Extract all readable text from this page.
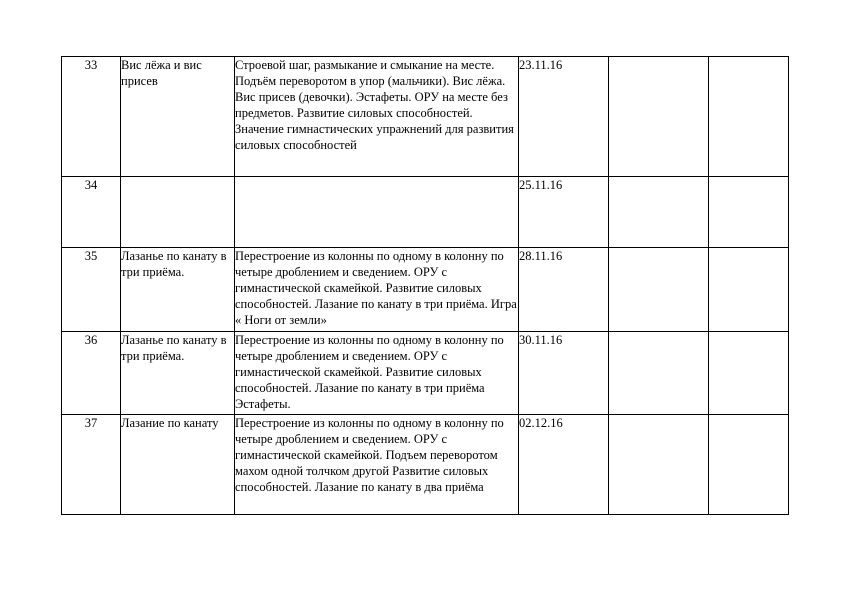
33	Вис лёжа и вис присев	Строевой шаг, размыкание и смыкание на месте. Подъём переворотом в упор (мальчики). Вис лёжа. Вис присев (девочки). Эстафеты. ОРУ на месте без предметов. Развитие силовых способностей. Значение гимнастических упражнений для развития силовых способностей	23.11.16		
34			25.11.16		
35	Лазанье по канату в три приёма.	Перестроение из колонны по одному в колонну по четыре дроблением и сведением. ОРУ с гимнастической скамейкой. Развитие силовых способностей. Лазание по канату в три приёма. Игра « Ноги от земли»	28.11.16		
36	Лазанье по канату в три приёма.	Перестроение из колонны по одному в колонну по четыре дроблением и сведением. ОРУ с гимнастической скамейкой. Развитие силовых способностей. Лазание по канату в три приёма Эстафеты.	30.11.16		
37	Лазание по канату	Перестроение из колонны по одному в колонну по четыре дроблением и сведением. ОРУ с гимнастической скамейкой. Подъем переворотом махом одной толчком другой Развитие силовых способностей. Лазание по канату в два приёма	02.12.16		
